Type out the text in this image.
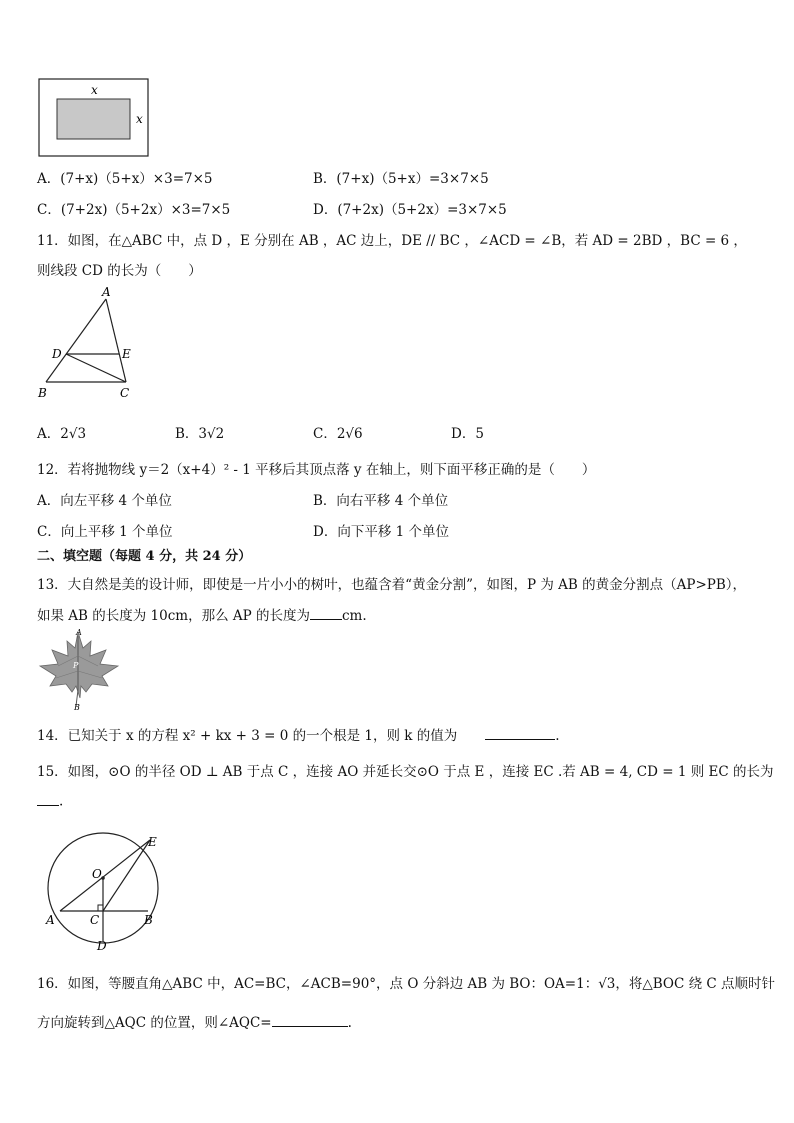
x
x
A．(7+x)（5+x）×3=7×5	B．(7+x)（5+x）=3×7×5
C．(7+2x)（5+2x）×3=7×5	D．(7+2x)（5+2x）=3×7×5
11．如图，在△ABC 中，点 D ，E 分别在 AB ，AC 边上，DE // BC ，∠ACD = ∠B，若 AD = 2BD ，BC = 6 ，
则线段 CD 的长为（　　）
A
D	E
B	C
A．2√3	B．3√2	C．2√6	D．5
12．若将抛物线 y＝2（x+4）² - 1 平移后其顶点落 y 在轴上，则下面平移正确的是（　　）
A．向左平移 4 个单位	B．向右平移 4 个单位
C．向上平移 1 个单位	D．向下平移 1 个单位
二、填空题（每题 4 分，共 24 分）
13．大自然是美的设计师，即使是一片小小的树叶，也蕴含着“黄金分割”，如图，P 为 AB 的黄金分割点（AP>PB），
如果 AB 的长度为 10cm，那么 AP 的长度为 cm.
A
P
B
14．已知关于 x 的方程 x² + kx + 3 = 0 的一个根是 1，则 k 的值为	.
15．如图，⊙O 的半径 OD ⊥ AB 于点 C ，连接 AO 并延长交⊙O 于点 E ，连接 EC .若 AB = 4, CD = 1 则 EC 的长为
.
O
E
A	C	B
D
16．如图，等腰直角△ABC 中，AC=BC，∠ACB=90°，点 O 分斜边 AB 为 BO：OA=1：√3，将△BOC 绕 C 点顺时针
方向旋转到△AQC 的位置，则∠AQC=	.
